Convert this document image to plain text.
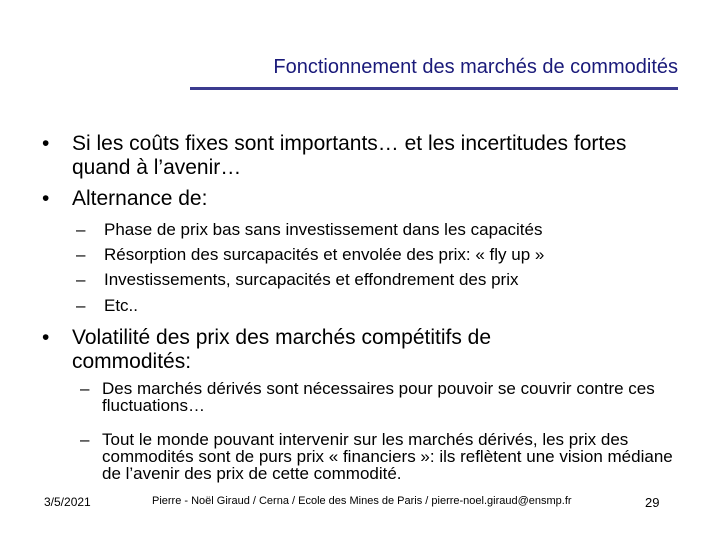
Fonctionnement des marchés de commodités
• Si les coûts fixes sont importants… et les incertitudes fortes quand à l’avenir…
• Alternance de:
– Phase de prix bas sans investissement dans les capacités
– Résorption des surcapacités et envolée des prix: « fly up »
– Investissements, surcapacités et effondrement des prix
– Etc..
• Volatilité des prix des marchés compétitifs de commodités:
– Des marchés dérivés sont nécessaires pour pouvoir se couvrir contre ces fluctuations…
– Tout le monde pouvant intervenir sur les marchés dérivés, les prix des commodités sont de purs prix « financiers »: ils reflètent une vision médiane de l’avenir des prix de cette commodité.
3/5/2021	Pierre - Noël Giraud / Cerna / Ecole des Mines de Paris / pierre-noel.giraud@ensmp.fr	29
